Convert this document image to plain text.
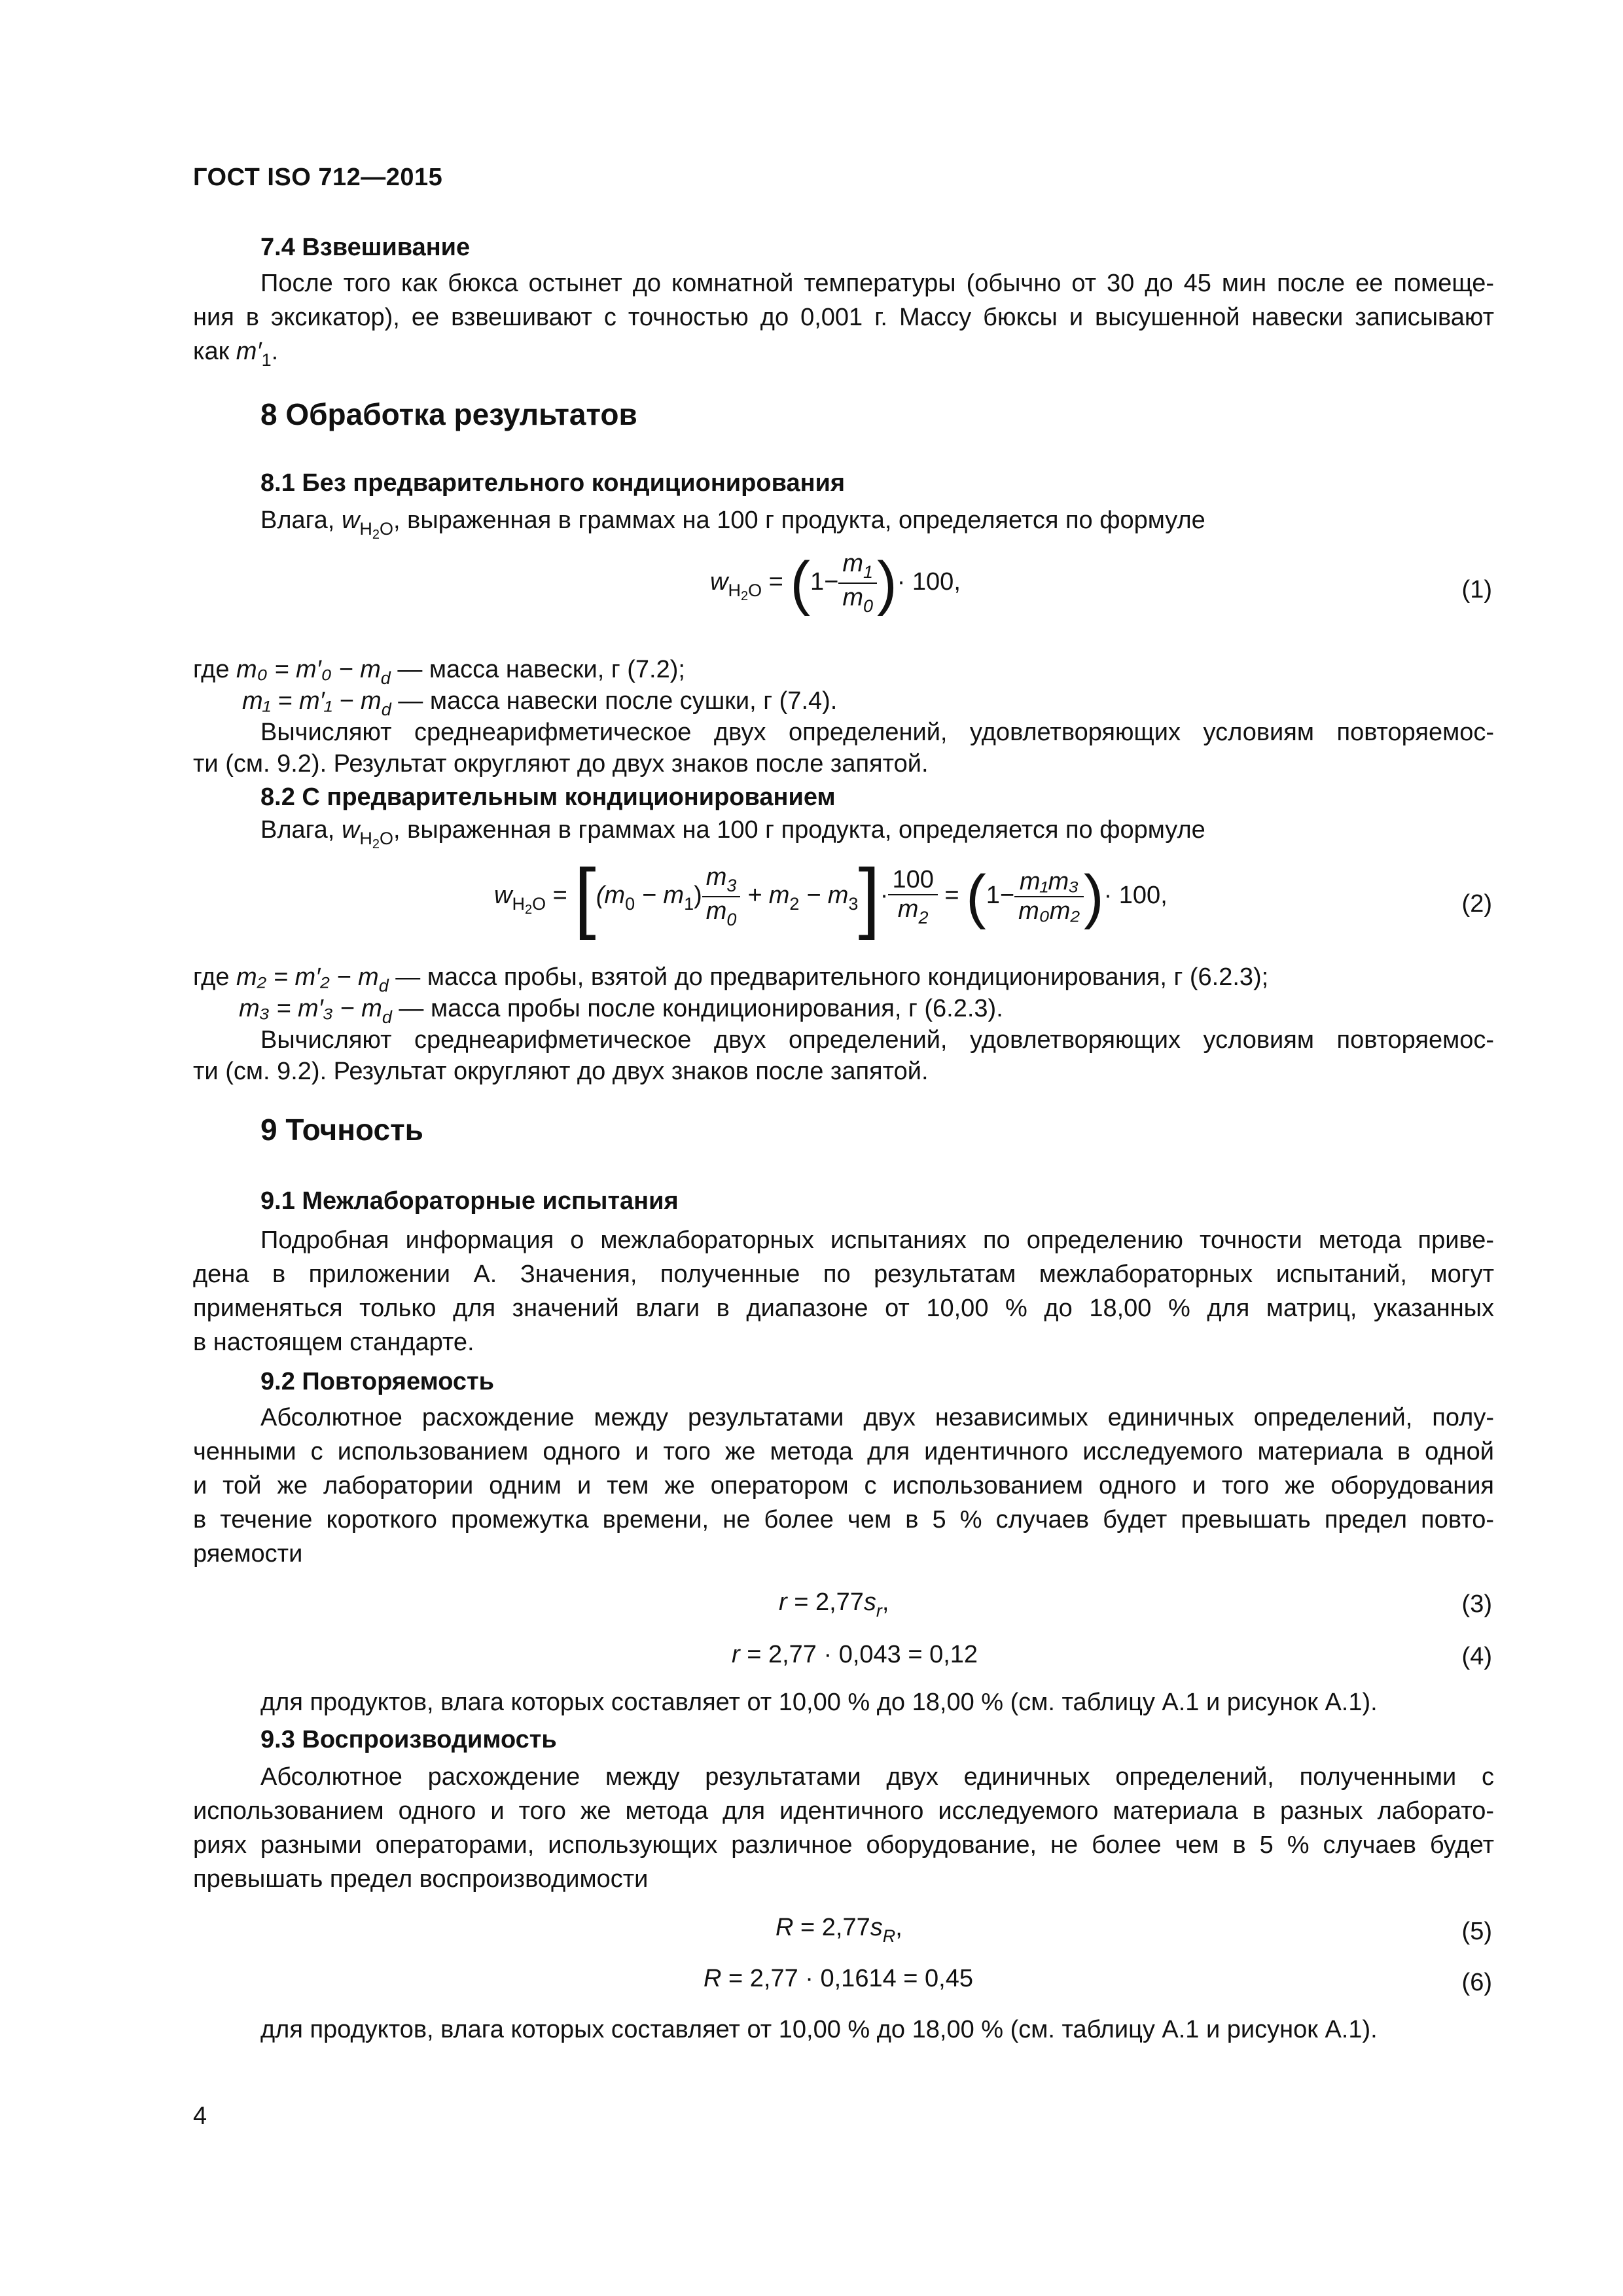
ГОСТ ISO 712—2015
7.4 Взвешивание
После того как бюкса остынет до комнатной температуры (обычно от 30 до 45 мин после ее помеще-
ния в эксикатор), ее взвешивают с точностью до 0,001 г. Массу бюксы и высушенной навески записывают
как $m'_1$.
8 Обработка результатов
8.1 Без предварительного кондиционирования
Влага, $w_{H2O}$, выраженная в граммах на 100 г продукта, определяется по формуле
$w_{H2O} = (1- \frac{m_1}{m_0}$ )· 100,	(1)
где $m_0 = m'_0 - m_d$ — масса навески, г (7.2);
$m_1 = m'_1 - m_d$ — масса навески после сушки, г (7.4).
Вычисляют среднеарифметическое двух определений, удовлетворяющих условиям повторяемос-
ти (см. 9.2). Результат округляют до двух знаков после запятой.
8.2 С предварительным кондиционированием
Влага, $w_{H2O}$, выраженная в граммах на 100 г продукта, определяется по формуле
$w_{H2O} = [(m_0 - m_1) \frac{m_3}{m_0} + m_2 - m_3]\cdot \frac{100}{m_2} = (1- \frac{\text{m₁m₃}}{\text{m₀m₂}}$ )· 100,	(2)
где $m_2 = m'_2 - m_d$ — масса пробы, взятой до предварительного кондиционирования, г (6.2.3);
$m_3 = m'_3 - m_d$ — масса пробы после кондиционирования, г (6.2.3).
Вычисляют среднеарифметическое двух определений, удовлетворяющих условиям повторяемос-
ти (см. 9.2). Результат округляют до двух знаков после запятой.
9 Точность
9.1 Межлабораторные испытания
Подробная информация о межлабораторных испытаниях по определению точности метода приве-
дена в приложении А. Значения, полученные по результатам межлабораторных испытаний, могут
применяться только для значений влаги в диапазоне от 10,00 % до 18,00 % для матриц, указанных
в настоящем стандарте.
9.2 Повторяемость
Абсолютное расхождение между результатами двух независимых единичных определений, полу-
ченными с использованием одного и того же метода для идентичного исследуемого материала в одной
и той же лаборатории одним и тем же оператором с использованием одного и того же оборудования
в течение короткого промежутка времени, не более чем в 5 % случаев будет превышать предел повто-
ряемости
$r = 2,77s_r$,	(3)
r = 2,77 · 0,043 = 0,12	(4)
для продуктов, влага которых составляет от 10,00 % до 18,00 % (см. таблицу А.1 и рисунок А.1).
9.3 Воспроизводимость
Абсолютное расхождение между результатами двух единичных определений, полученными с
использованием одного и того же метода для идентичного исследуемого материала в разных лаборато-
риях разными операторами, использующих различное оборудование, не более чем в 5 % случаев будет
превышать предел воспроизводимости
$R = 2,77s_R$,	(5)
R = 2,77 · 0,1614 = 0,45	(6)
для продуктов, влага которых составляет от 10,00 % до 18,00 % (см. таблицу А.1 и рисунок А.1).
4
